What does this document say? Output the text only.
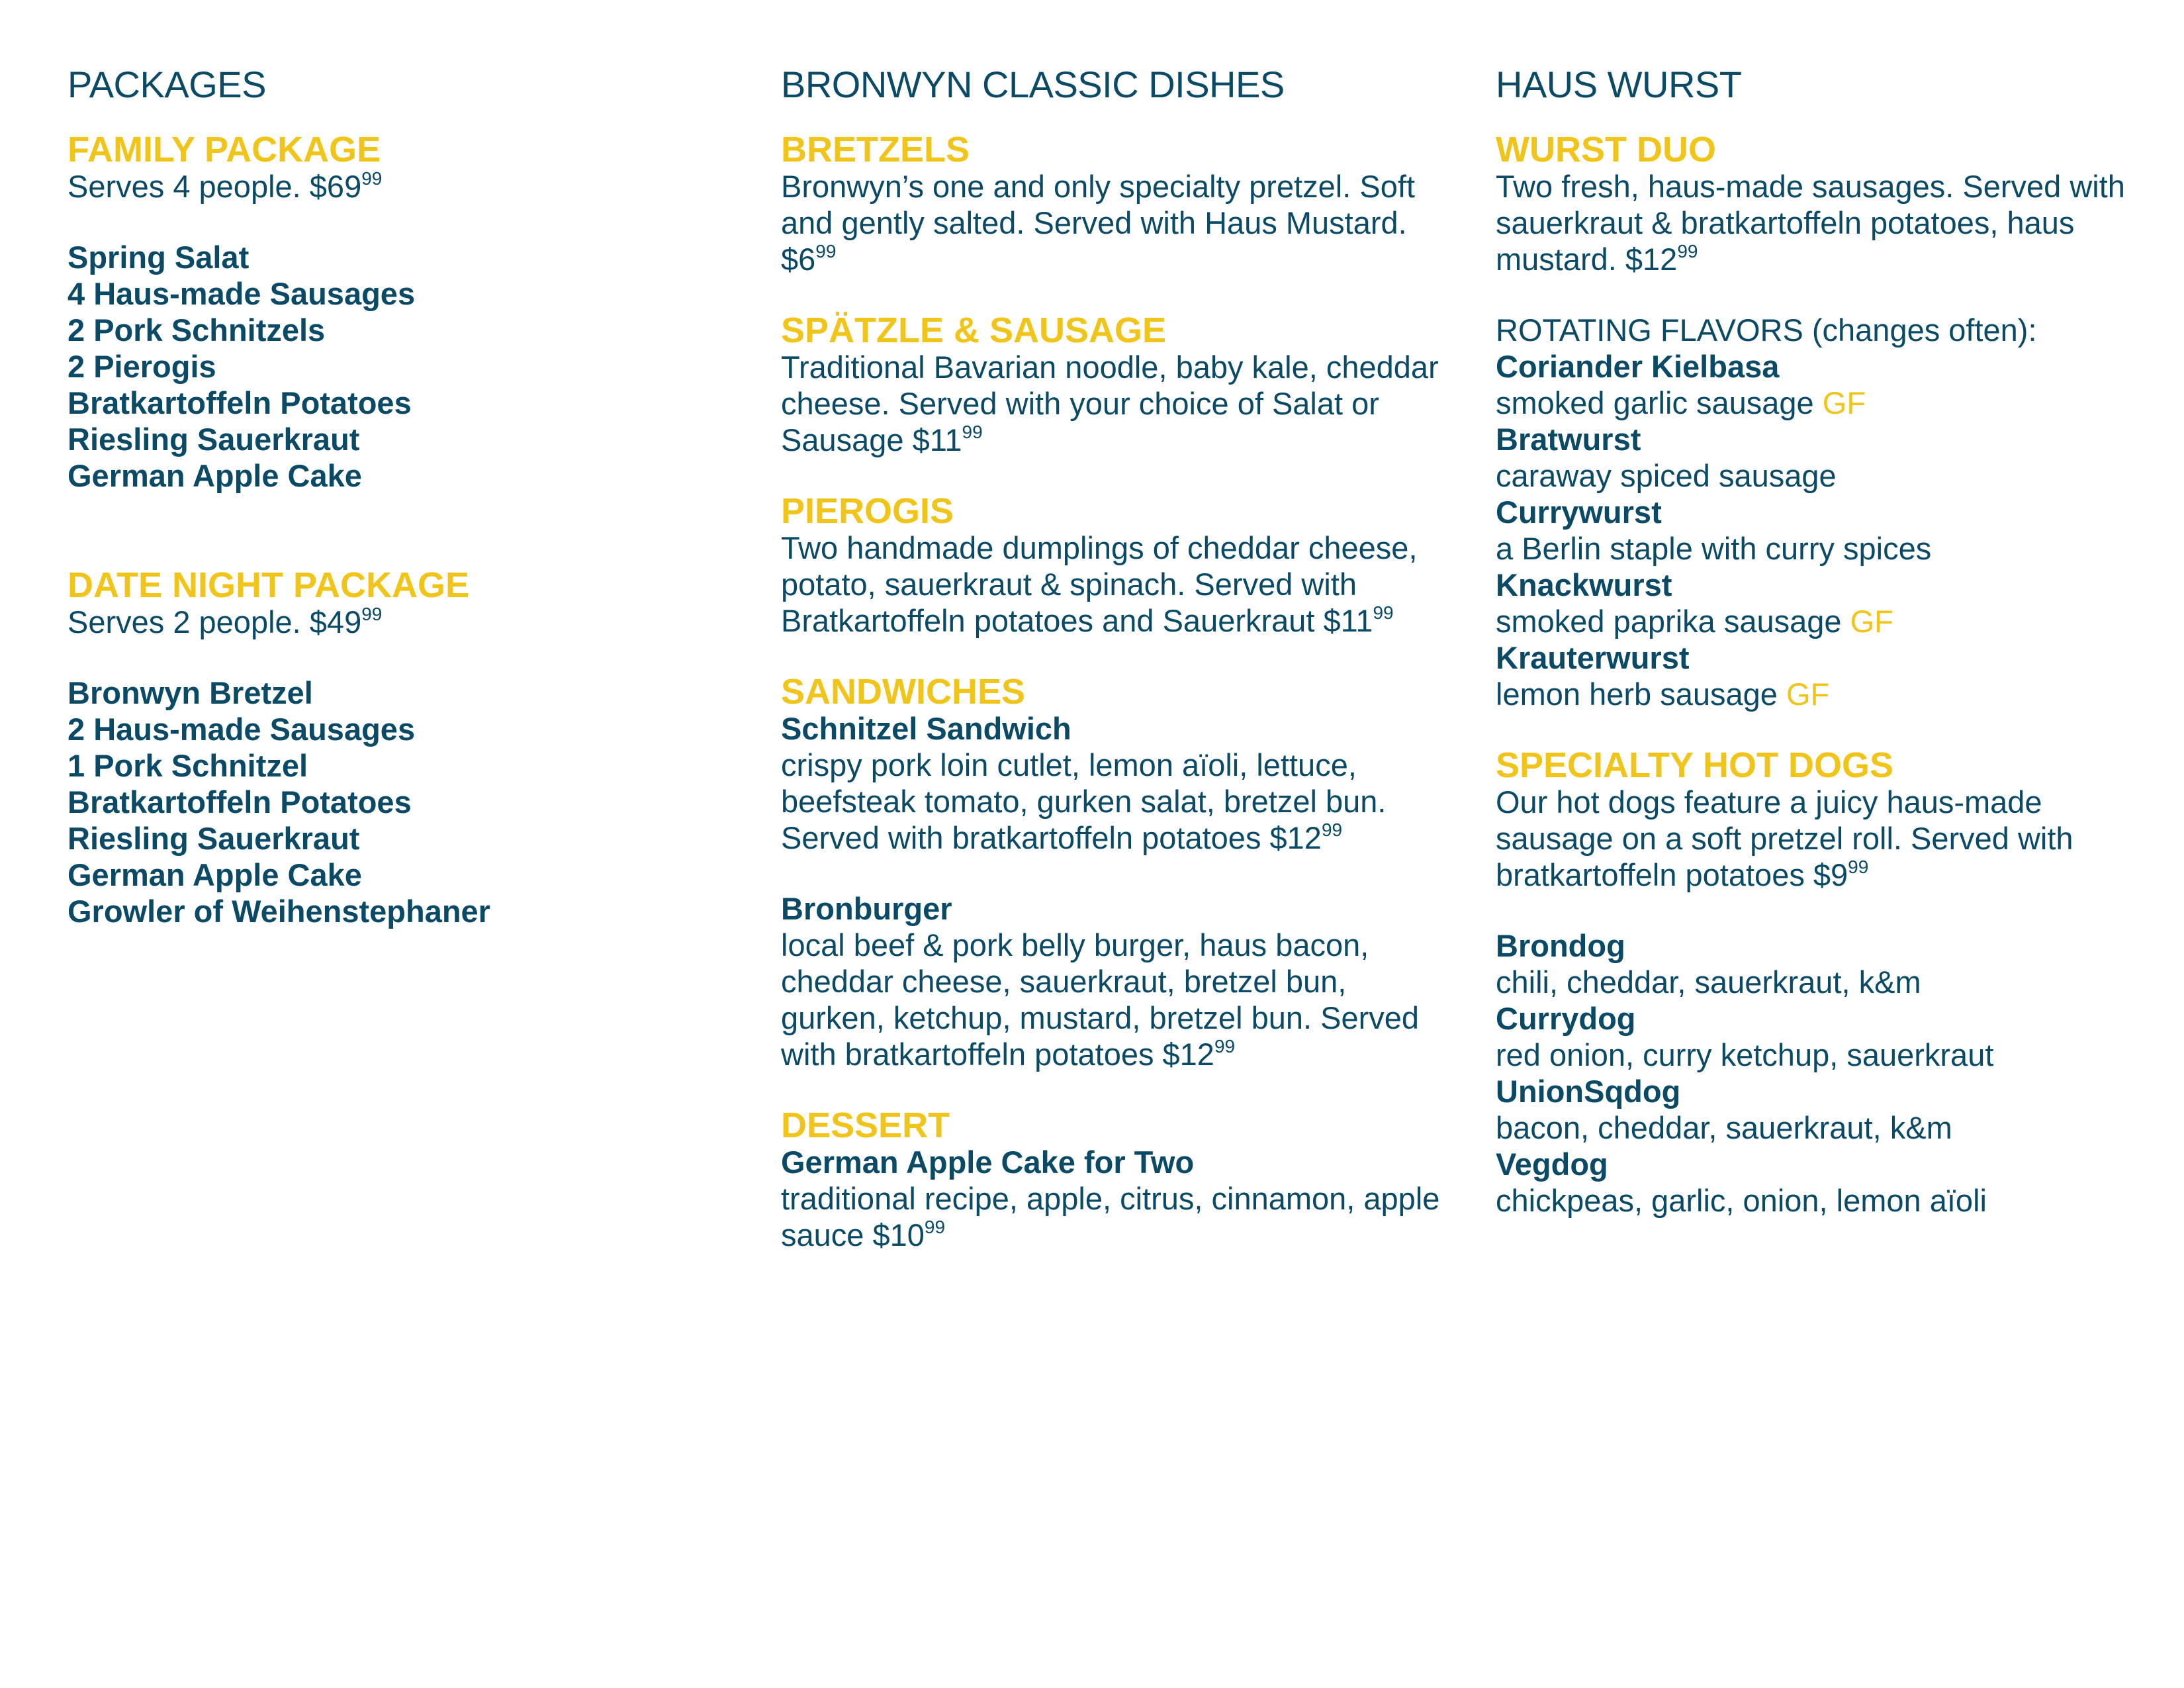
PACKAGES

FAMILY PACKAGE

Serves 4 people. $\$69^{99}$

Spring Salat

4 Haus-made Sausages

2 Pork Schnitzels

2 Pierogis

Bratkartoffeln Potatoes

Riesling Sauerkraut

German Apple Cake

DATE NIGHT PACKAGE

Serves 2 people. $\$49^{99}$

Bronwyn Bretzel

2 Haus-made Sausages

1 Pork Schnitzel

Bratkartoffeln Potatoes

Riesling Sauerkraut

German Apple Cake

Growler of Weihenstephaner

BRONWYN CLASSIC DISHES

BRETZELS

Bronwyn’s one and only specialty pretzel. Soft and gently salted. Served with Haus Mustard. $\$6^{99}$

SPÄTZLE & SAUSAGE

Traditional Bavarian noodle, baby kale, cheddar cheese. Served with your choice of Salat or Sausage $\$11^{99}$

PIEROGIS

Two handmade dumplings of cheddar cheese, potato, sauerkraut & spinach. Served with Bratkartoffeln potatoes and Sauerkraut $\$11^{99}$

SANDWICHES

Schnitzel Sandwich

crispy pork loin cutlet, lemon aïoli, lettuce, beefsteak tomato, gurken salat, bretzel bun. Served with bratkartoffeln potatoes $\$12^{99}$

Bronburger

local beef & pork belly burger, haus bacon, cheddar cheese, sauerkraut, bretzel bun, gurken, ketchup, mustard, bretzel bun. Served with bratkartoffeln potatoes $\$12^{99}$

DESSERT

German Apple Cake for Two

traditional recipe, apple, citrus, cinnamon, apple sauce $\$10^{99}$

HAUS WURST

WURST DUO

Two fresh, haus-made sausages. Served with sauerkraut & bratkartoffeln potatoes, haus mustard. $\$12^{99}$

ROTATING FLAVORS (changes often):

Coriander Kielbasa

smoked garlic sausage GF

Bratwurst

caraway spiced sausage

Currywurst

a Berlin staple with curry spices

Knackwurst

smoked paprika sausage GF

Krauterwurst

lemon herb sausage GF

SPECIALTY HOT DOGS

Our hot dogs feature a juicy haus-made sausage on a soft pretzel roll. Served with bratkartoffeln potatoes $\$9^{99}$

Brondog

chili, cheddar, sauerkraut, k&m

Currydog

red onion, curry ketchup, sauerkraut

UnionSqdog

bacon, cheddar, sauerkraut, k&m

Vegdog

chickpeas, garlic, onion, lemon aïoli
